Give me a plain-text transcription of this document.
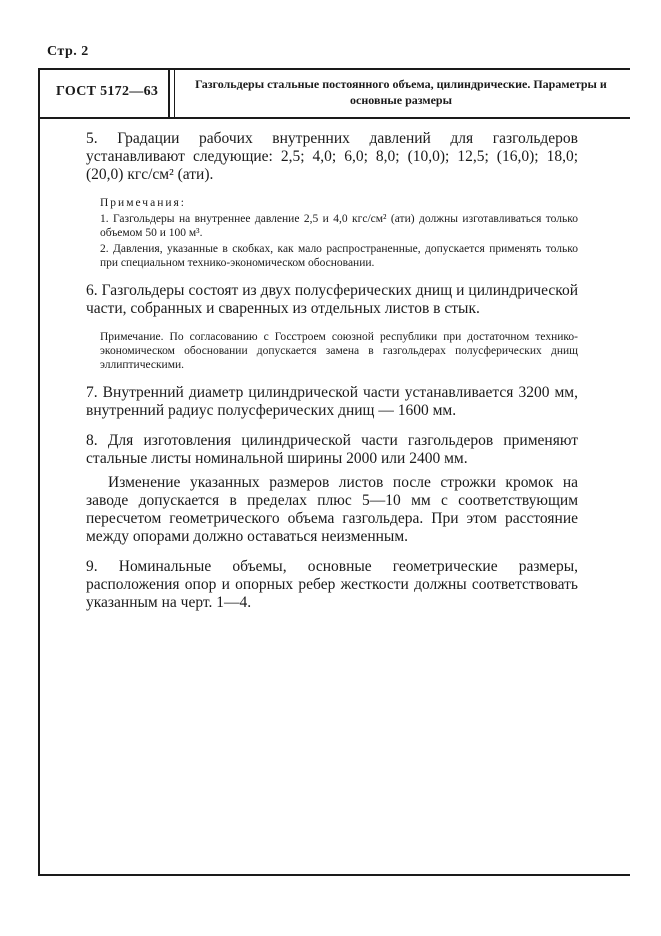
Стр. 2
ГОСТ 5172—63	Газгольдеры стальные постоянного объема, цилиндрические. Параметры и основные размеры

5. Градации рабочих внутренних давлений для газгольдеров устанавливают следующие: 2,5; 4,0; 6,0; 8,0; (10,0); 12,5; (16,0); 18,0; (20,0) кгс/см² (ати).

Примечания:

1. Газгольдеры на внутреннее давление 2,5 и 4,0 кгс/см² (ати) должны изготавливаться только объемом 50 и 100 м³.

2. Давления, указанные в скобках, как мало распространенные, допускается применять только при специальном технико-экономическом обосновании.

6. Газгольдеры состоят из двух полусферических днищ и цилиндрической части, собранных и сваренных из отдельных листов в стык.

Примечание. По согласованию с Госстроем союзной республики при достаточном технико-экономическом обосновании допускается замена в газгольдерах полусферических днищ эллиптическими.

7. Внутренний диаметр цилиндрической части устанавливается 3200 мм, внутренний радиус полусферических днищ — 1600 мм.

8. Для изготовления цилиндрической части газгольдеров применяют стальные листы номинальной ширины 2000 или 2400 мм.

Изменение указанных размеров листов после строжки кромок на заводе допускается в пределах плюс 5—10 мм с соответствующим пересчетом геометрического объема газгольдера. При этом расстояние между опорами должно оставаться неизменным.

9. Номинальные объемы, основные геометрические размеры, расположения опор и опорных ребер жесткости должны соответствовать указанным на черт. 1—4.
